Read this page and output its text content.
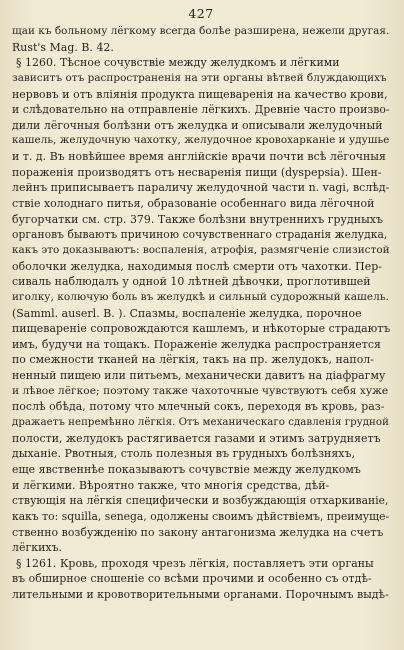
427
щаи къ больному лёгкому всегда болѣе разширена, нежели другая.
Rust's Mag. B. 42.
§ 1260. Тѣсное сочувствіе между желудкомъ и лёгкими
зависитъ отъ распространенія на эти органы вѣтвей блуждающихъ
нервовъ и отъ вліянія продукта пищеваренія на качество крови,
и слѣдовательно на отправленіе лёгкихъ. Древніе часто произво-
дили лёгочныя болѣзни отъ желудка и описывали желудочный
кашель, желудочную чахотку, желудочное кровохарканіе и удушье
и т. д. Въ новѣйшее время англійскіе врачи почти всѣ лёгочныя
пораженія производятъ отъ несваренія пищи (dyspepsia). Шен-
лейнъ приписываетъ параличу желудочной части n. vagi, вслѣд-
ствіе холоднаго питья, образованіе особеннаго вида лёгочной
бугорчатки см. стр. 379. Также болѣзни внутреннихъ грудныхъ
органовъ бываютъ причиною сочувственнаго страданія желудка,
какъ это доказываютъ: воспаленія, атрофія, размягченіе слизистой
оболочки желудка, находимыя послѣ смерти отъ чахотки. Пер-
сиваль наблюдалъ у одной 10 лѣтней дѣвочки, проглотившей
иголку, колючую боль въ желудкѣ и сильный судорожный кашель.
(Samml. auserl. B. ). Спазмы, воспаленіе желудка, порочное
пищевареніе сопровождаются кашлемъ, и нѣкоторые страдаютъ
имъ, будучи на тощакъ. Пораженіе желудка распространяется
по смежности тканей на лёгкія, такъ на пр. желудокъ, напол-
ненный пищею или питьемъ, механически давитъ на діафрагму
и лѣвое лёгкое; поэтому также чахоточные чувствуютъ себя хуже
послѣ обѣда, потому что млечный сокъ, переходя въ кровь, раз-
дражаетъ непремѣнно лёгкія. Отъ механическаго сдавленія грудной
полости, желудокъ растягивается газами и этимъ затрудняетъ
дыханіе. Рвотныя, столь полезныя въ грудныхъ болѣзняхъ,
еще явственнѣе показываютъ сочувствіе между желудкомъ
и лёгкими. Вѣроятно также, что многія средства, дѣй-
ствующія на лёгкія специфически и возбуждающія отхаркиваніе,
какъ то: squilla, senega, одолжены своимъ дѣйствіемъ, преимуще-
ственно возбужденію по закону антагонизма желудка на счетъ
лёгкихъ.
§ 1261. Кровь, проходя чрезъ лёгкія, поставляетъ эти органы
въ обширное сношеніе со всѣми прочими и особенно съ отдѣ-
лительными и кровотворительными органами. Порочнымъ выдѣ-
